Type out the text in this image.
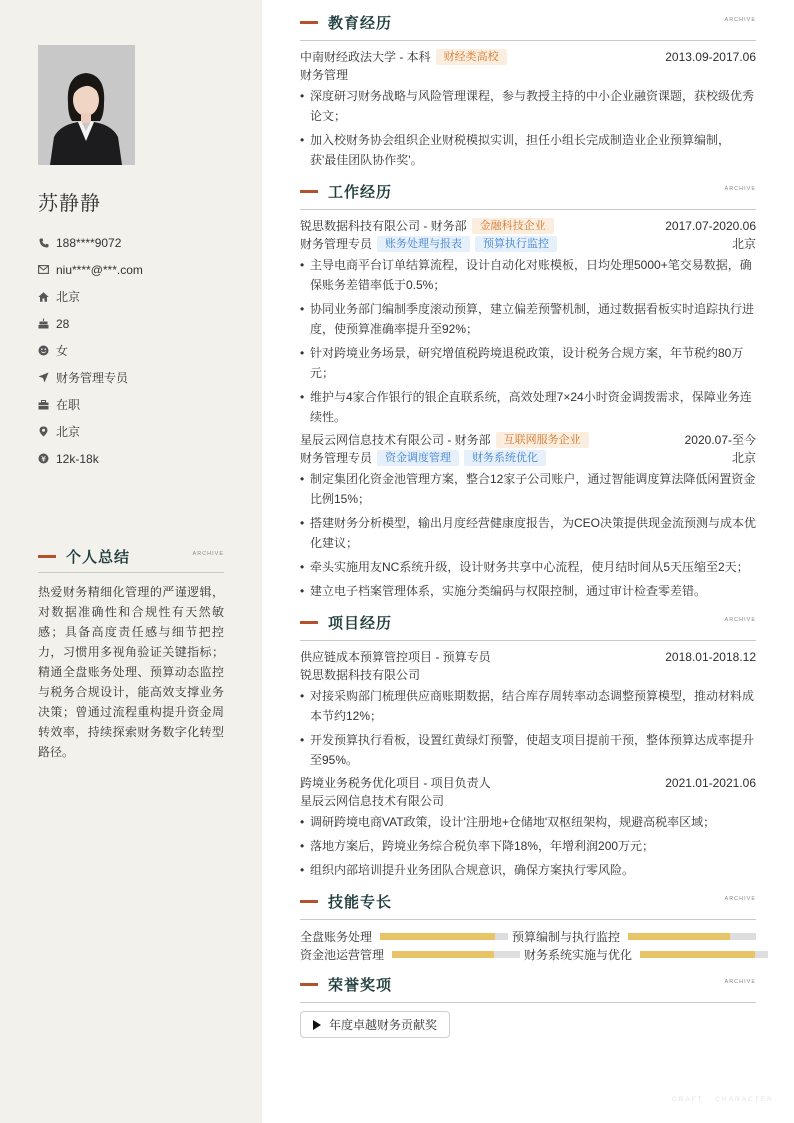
苏静静
188****9072
niu****@***.com
北京
28
女
财务管理专员
在职
北京
12k-18k
个人总结	ARCHIVE

热爱财务精细化管理的严谨逻辑，对数据准确性和合规性有天然敏感；具备高度责任感与细节把控力，习惯用多视角验证关键指标；精通全盘账务处理、预算动态监控与税务合规设计，能高效支撑业务决策；曾通过流程重构提升资金周转效率，持续探索财务数字化转型路径。

教育经历	ARCHIVE
中南财经政法大学 - 本科	财经类高校	2013.09-2017.06
财务管理
• 深度研习财务战略与风险管理课程，参与教授主持的中小企业融资课题，获校级优秀论文；
• 加入校财务协会组织企业财税模拟实训，担任小组长完成制造业企业预算编制，获'最佳团队协作奖'。
工作经历	ARCHIVE
锐思数据科技有限公司 - 财务部	金融科技企业	2017.07-2020.06
财务管理专员	账务处理与报表	预算执行监控	北京
• 主导电商平台订单结算流程，设计自动化对账模板，日均处理5000+笔交易数据，确保账务差错率低于0.5%；
• 协同业务部门编制季度滚动预算，建立偏差预警机制，通过数据看板实时追踪执行进度，使预算准确率提升至92%；
• 针对跨境业务场景，研究增值税跨境退税政策，设计税务合规方案，年节税约80万元；
• 维护与4家合作银行的银企直联系统，高效处理7×24小时资金调拨需求，保障业务连续性。
星辰云网信息技术有限公司 - 财务部	互联网服务企业	2020.07-至今
财务管理专员	资金调度管理	财务系统优化	北京
• 制定集团化资金池管理方案，整合12家子公司账户，通过智能调度算法降低闲置资金比例15%；
• 搭建财务分析模型，输出月度经营健康度报告，为CEO决策提供现金流预测与成本优化建议；
• 牵头实施用友NC系统升级，设计财务共享中心流程，使月结时间从5天压缩至2天；
• 建立电子档案管理体系，实施分类编码与权限控制，通过审计检查零差错。
项目经历	ARCHIVE
供应链成本预算管控项目 - 预算专员	2018.01-2018.12
锐思数据科技有限公司
• 对接采购部门梳理供应商账期数据，结合库存周转率动态调整预算模型，推动材料成本节约12%；
• 开发预算执行看板，设置红黄绿灯预警，使超支项目提前干预，整体预算达成率提升至95%。
跨境业务税务优化项目 - 项目负责人	2021.01-2021.06
星辰云网信息技术有限公司
• 调研跨境电商VAT政策，设计'注册地+仓储地'双枢纽架构，规避高税率区域；
• 落地方案后，跨境业务综合税负率下降18%，年增利润200万元；
• 组织内部培训提升业务团队合规意识，确保方案执行零风险。
技能专长	ARCHIVE
全盘账务处理	预算编制与执行监控
资金池运营管理	财务系统实施与优化
荣誉奖项	ARCHIVE
年度卓越财务贡献奖
CRAFT · CHARACTER
